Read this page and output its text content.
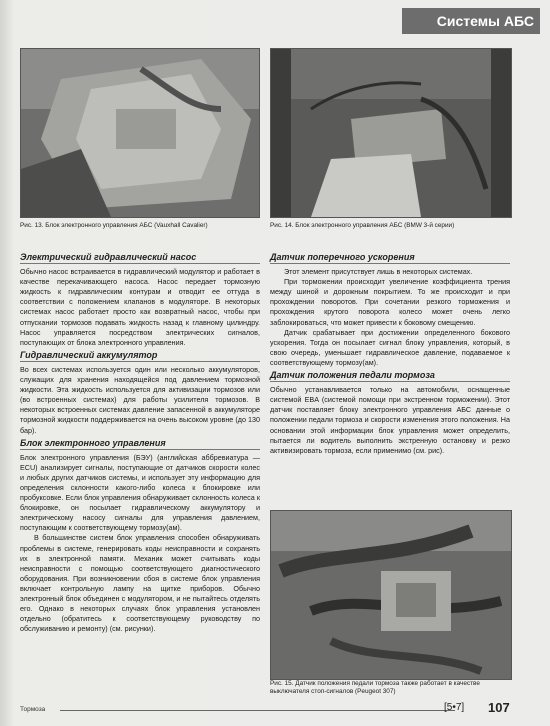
Системы АБС
Рис. 13. Блок электронного управления АБС (Vauxhall Cavalier)	Рис. 14. Блок электронного управления АБС (BMW 3-й серии)
Электрический гидравлический насос

Обычно насос встраивается в гидравлический модулятор и работает в качестве перекачивающего насоса. Насос передает тормозную жидкость к гидравлическим контурам и отводит ее оттуда в соответствии с положением клапанов в модуляторе. В некоторых системах насос работает просто как возвратный насос, чтобы при отпускании тормозов подавать жидкость назад к главному цилиндру. Насос управляется посредством электрических сигналов, поступающих от блока электронного управления.

Гидравлический аккумулятор

Во всех системах используется один или несколько аккумуляторов, служащих для хранения находящейся под давлением тормозной жидкости. Эта жидкость используется для активизации тормозов или (во встроенных системах) для работы усилителя тормозов. В некоторых встроенных системах давление запасенной в аккумуляторе тормозной жидкости поддерживается на очень высоком уровне (до 130 бар).

Блок электронного управления

Блок электронного управления (БЭУ) (английская аббревиатура — ECU) анализирует сигналы, поступающие от датчиков скорости колес и любых других датчиков системы, и использует эту информацию для определения склонности какого-либо колеса к блокировке или пробуксовке. Если блок управления обнаруживает склонность колеса к блокировке, он посылает гидравлическому аккумулятору и электрическому насосу сигналы для управления давлением, поступающим к соответствующему тормозу(ам).

В большинстве систем блок управления способен обнаруживать проблемы в системе, генерировать коды неисправности и сохранять их в электронной памяти. Механик может считывать коды неисправности с помощью соответствующего диагностического оборудования. При возникновении сбоя в системе блок управления включает контрольную лампу на щитке приборов. Обычно электронный блок объединен с модулятором, и не пытайтесь отделять его. Однако в некоторых случаях блок управления установлен отдельно (обратитесь к соответствующему руководству по обслуживанию и ремонту) (см. рисунки).

Датчик поперечного ускорения

Этот элемент присутствует лишь в некоторых системах.

При торможении происходит увеличение коэффициента трения между шиной и дорожным покрытием. То же происходит и при прохождении поворотов. При сочетании резкого торможения и прохождения крутого поворота колесо может очень легко заблокироваться, что может привести к боковому смещению.

Датчик срабатывает при достижении определенного бокового ускорения. Тогда он посылает сигнал блоку управления, который, в свою очередь, уменьшает гидравлическое давление, подаваемое к соответствующему тормозу(ам).

Датчик положения педали тормоза

Обычно устанавливается только на автомобили, оснащенные системой EBA (системой помощи при экстренном торможении). Этот датчик поставляет блоку электронного управления АБС данные о положении педали тормоза и скорости изменения этого положения. На основании этой информации блок управления может определить, пытается ли водитель выполнить экстренную остановку и резко активизировать тормоза, если применимо (см. рис).

Рис. 15. Датчик положения педали тормоза также работает в качестве выключателя стоп-сигналов (Peugeot 307)
Тормоза	[5•7] 107
